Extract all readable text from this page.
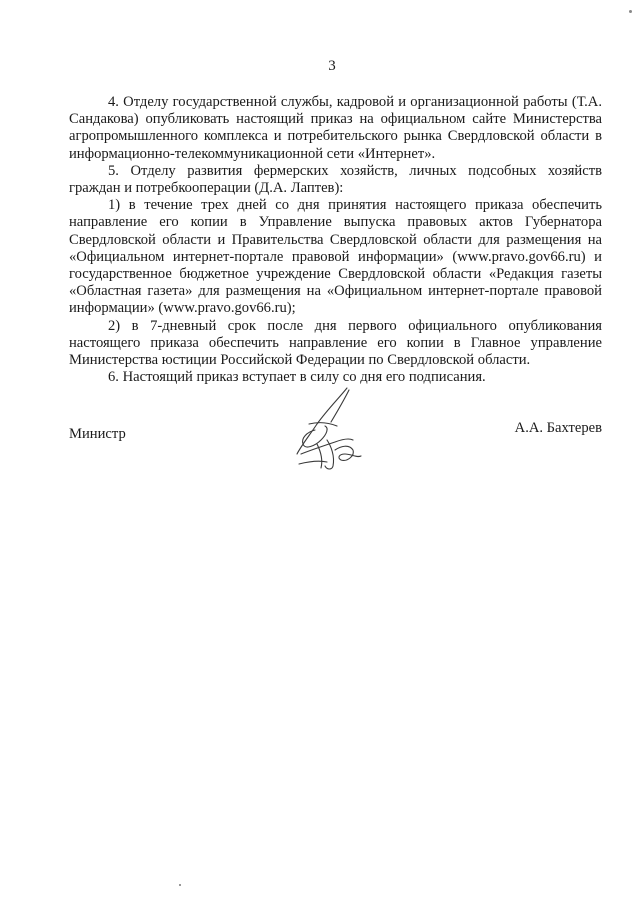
3

4. Отделу государственной службы, кадровой и организационной работы (Т.А. Сандакова) опубликовать настоящий приказ на официальном сайте Министерства агропромышленного комплекса и потребительского рынка Свердловской области в информационно-телекоммуникационной сети «Интернет».

5. Отделу развития фермерских хозяйств, личных подсобных хозяйств граждан и потребкооперации (Д.А. Лаптев):

1) в течение трех дней со дня принятия настоящего приказа обеспечить направление его копии в Управление выпуска правовых актов Губернатора Свердловской области и Правительства Свердловской области для размещения на «Официальном интернет-портале правовой информации» (www.pravo.gov66.ru) и государственное бюджетное учреждение Свердловской области «Редакция газеты «Областная газета» для размещения на «Официальном интернет-портале правовой информации» (www.pravo.gov66.ru);

2) в 7-дневный срок после дня первого официального опубликования настоящего приказа обеспечить направление его копии в Главное управление Министерства юстиции Российской Федерации по Свердловской области.

6. Настоящий приказ вступает в силу со дня его подписания.

Министр	А.А. Бахтерев
